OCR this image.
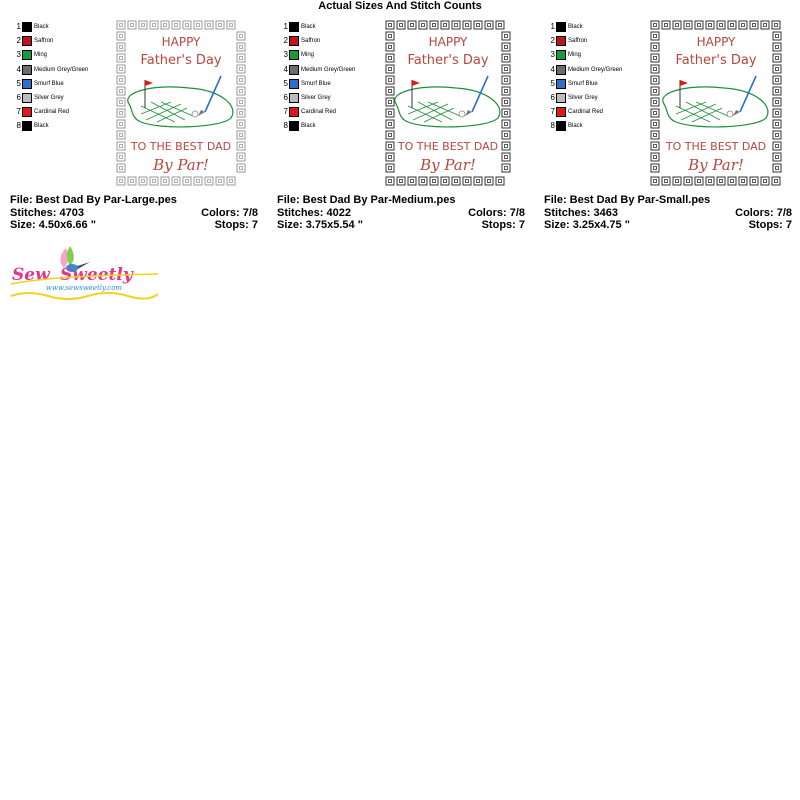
Actual Sizes And Stitch Counts
1 Black
2 Saffron
3 Ming
4 Medium Grey/Green
5 Smurf Blue
6 Silver Grey
7 Cardinal Red
8 Black
HAPPY
Father's Day
TO THE BEST DAD
By Par!
File: Best Dad By Par-Large.pes
Stitches: 4703	Colors: 7/8
Size: 4.50x6.66 "	Stops: 7
1 Black
2 Saffron
3 Ming
4 Medium Grey/Green
5 Smurf Blue
6 Silver Grey
7 Cardinal Red
8 Black
HAPPY
Father's Day
TO THE BEST DAD
By Par!
File: Best Dad By Par-Medium.pes
Stitches: 4022	Colors: 7/8
Size: 3.75x5.54 "	Stops: 7
1 Black
2 Saffron
3 Ming
4 Medium Grey/Green
5 Smurf Blue
6 Silver Grey
7 Cardinal Red
8 Black
HAPPY
Father's Day
TO THE BEST DAD
By Par!
File: Best Dad By Par-Small.pes
Stitches: 3463	Colors: 7/8
Size: 3.25x4.75 "	Stops: 7
Sew Sweetly
www.sewsweetly.com
